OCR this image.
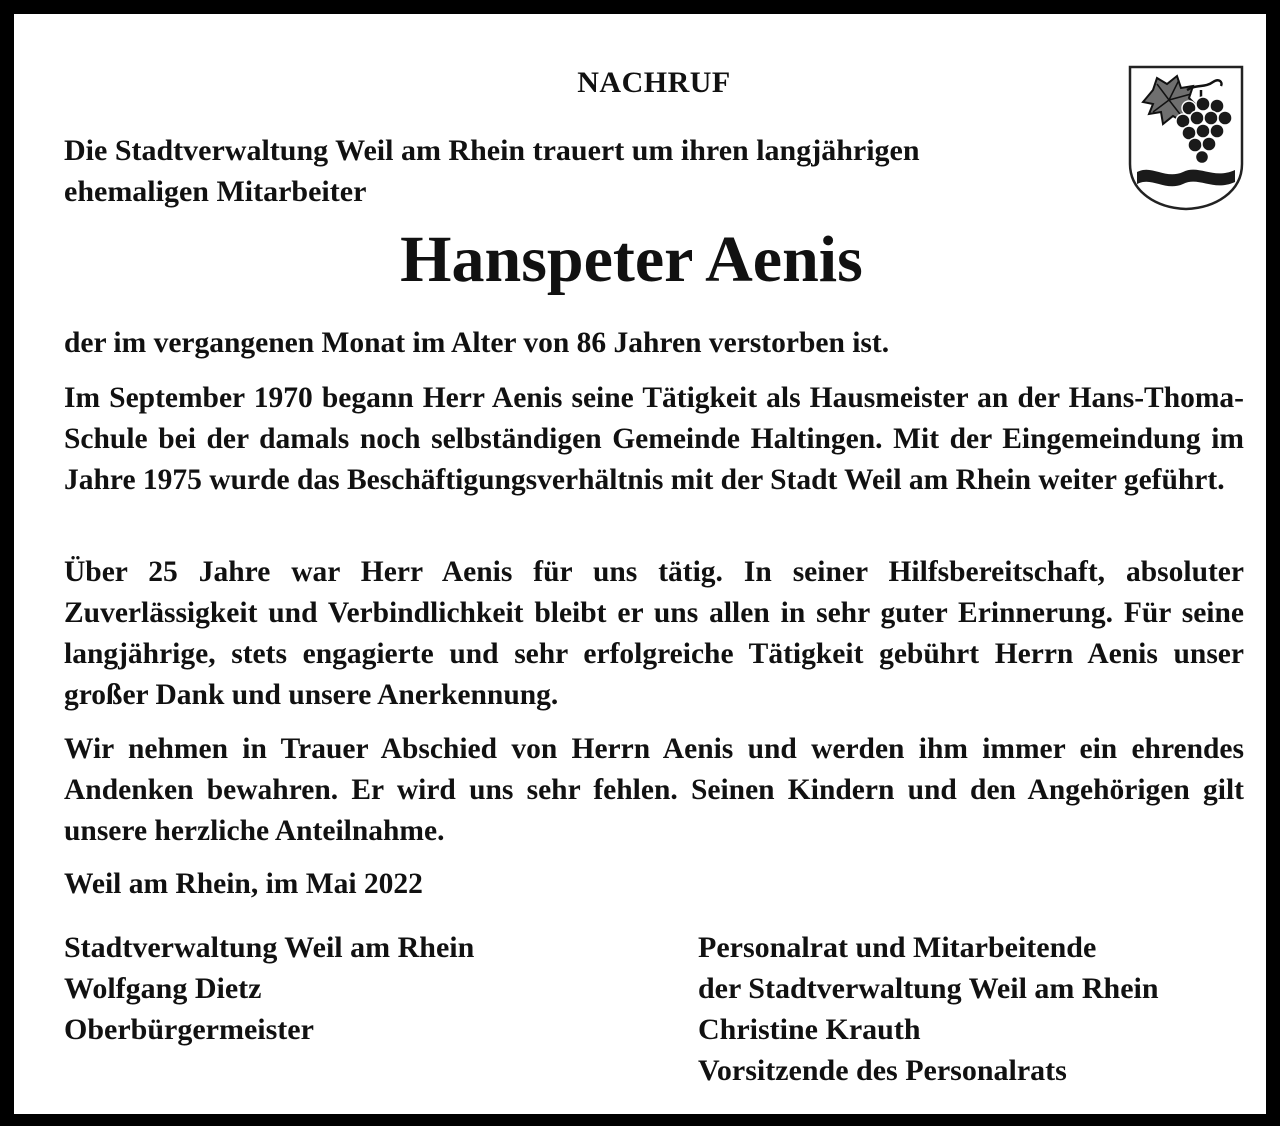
NACHRUF
Die Stadtverwaltung Weil am Rhein trauert um ihren langjährigen
ehemaligen Mitarbeiter
Hanspeter Aenis
der im vergangenen Monat im Alter von 86 Jahren verstorben ist.
Im September 1970 begann Herr Aenis seine Tätigkeit als Hausmeister an der Hans-Thoma-Schule bei der damals noch selbständigen Gemeinde Haltingen. Mit der Eingemeindung im Jahre 1975 wurde das Beschäftigungsverhältnis mit der Stadt Weil am Rhein weiter geführt.
Über 25 Jahre war Herr Aenis für uns tätig. In seiner Hilfsbereitschaft, absoluter Zuverlässigkeit und Verbindlichkeit bleibt er uns allen in sehr guter Erinnerung. Für seine langjährige, stets engagierte und sehr erfolgreiche Tätigkeit gebührt Herrn Aenis unser großer Dank und unsere Anerkennung.
Wir nehmen in Trauer Abschied von Herrn Aenis und werden ihm immer ein ehrendes Andenken bewahren. Er wird uns sehr fehlen. Seinen Kindern und den Angehörigen gilt unsere herzliche Anteilnahme.
Weil am Rhein, im Mai 2022
Stadtverwaltung Weil am Rhein
Wolfgang Dietz
Oberbürgermeister
Personalrat und Mitarbeitende
der Stadtverwaltung Weil am Rhein
Christine Krauth
Vorsitzende des Personalrats
